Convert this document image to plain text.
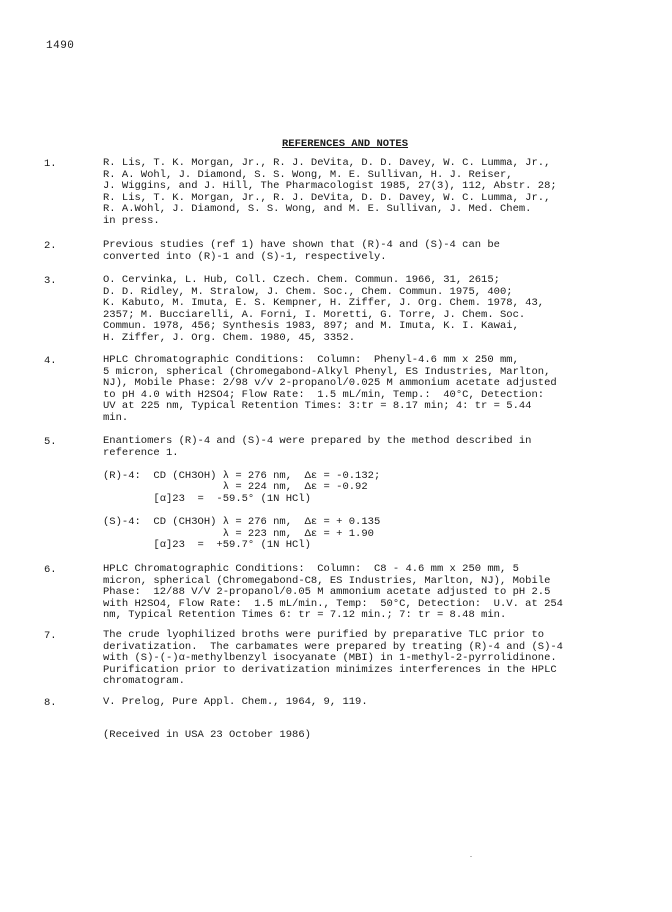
1490
REFERENCES AND NOTES
1.	R. Lis, T. K. Morgan, Jr., R. J. DeVita, D. D. Davey, W. C. Lumma, Jr.,
R. A. Wohl, J. Diamond, S. S. Wong, M. E. Sullivan, H. J. Reiser,
J. Wiggins, and J. Hill, The Pharmacologist 1985, 27(3), 112, Abstr. 28;
R. Lis, T. K. Morgan, Jr., R. J. DeVita, D. D. Davey, W. C. Lumma, Jr.,
R. A.Wohl, J. Diamond, S. S. Wong, and M. E. Sullivan, J. Med. Chem.
in press.
2.	Previous studies (ref 1) have shown that (R)-4 and (S)-4 can be
converted into (R)-1 and (S)-1, respectively.
3.	O. Cervinka, L. Hub, Coll. Czech. Chem. Commun. 1966, 31, 2615;
D. D. Ridley, M. Stralow, J. Chem. Soc., Chem. Commun. 1975, 400;
K. Kabuto, M. Imuta, E. S. Kempner, H. Ziffer, J. Org. Chem. 1978, 43,
2357; M. Bucciarelli, A. Forni, I. Moretti, G. Torre, J. Chem. Soc.
Commun. 1978, 456; Synthesis 1983, 897; and M. Imuta, K. I. Kawai,
H. Ziffer, J. Org. Chem. 1980, 45, 3352.
4.	HPLC Chromatographic Conditions:  Column:  Phenyl-4.6 mm x 250 mm,
5 micron, spherical (Chromegabond-Alkyl Phenyl, ES Industries, Marlton,
NJ), Mobile Phase: 2/98 v/v 2-propanol/0.025 M ammonium acetate adjusted
to pH 4.0 with H2SO4; Flow Rate:  1.5 mL/min, Temp.:  40°C, Detection:
UV at 225 nm, Typical Retention Times: 3:tr = 8.17 min; 4: tr = 5.44
min.
5.	Enantiomers (R)-4 and (S)-4 were prepared by the method described in
reference 1.
(R)-4:  CD (CH3OH) λ = 276 nm,  Δε = -0.132;
λ = 224 nm,  Δε = -0.92
[α]23  =  -59.5° (1N HCl)
(S)-4:  CD (CH3OH) λ = 276 nm,  Δε = + 0.135
λ = 223 nm,  Δε = + 1.90
[α]23  =  +59.7° (1N HCl)
6.	HPLC Chromatographic Conditions:  Column:  C8 - 4.6 mm x 250 mm, 5
micron, spherical (Chromegabond-C8, ES Industries, Marlton, NJ), Mobile
Phase:  12/88 V/V 2-propanol/0.05 M ammonium acetate adjusted to pH 2.5
with H2SO4, Flow Rate:  1.5 mL/min., Temp:  50°C, Detection:  U.V. at 254
nm, Typical Retention Times 6: tr = 7.12 min.; 7: tr = 8.48 min.
7.	The crude lyophilized broths were purified by preparative TLC prior to
derivatization.  The carbamates were prepared by treating (R)-4 and (S)-4
with (S)-(-)α-methylbenzyl isocyanate (MBI) in 1-methyl-2-pyrrolidinone.
Purification prior to derivatization minimizes interferences in the HPLC
chromatogram.
8.	V. Prelog, Pure Appl. Chem., 1964, 9, 119.
(Received in USA 23 October 1986)
